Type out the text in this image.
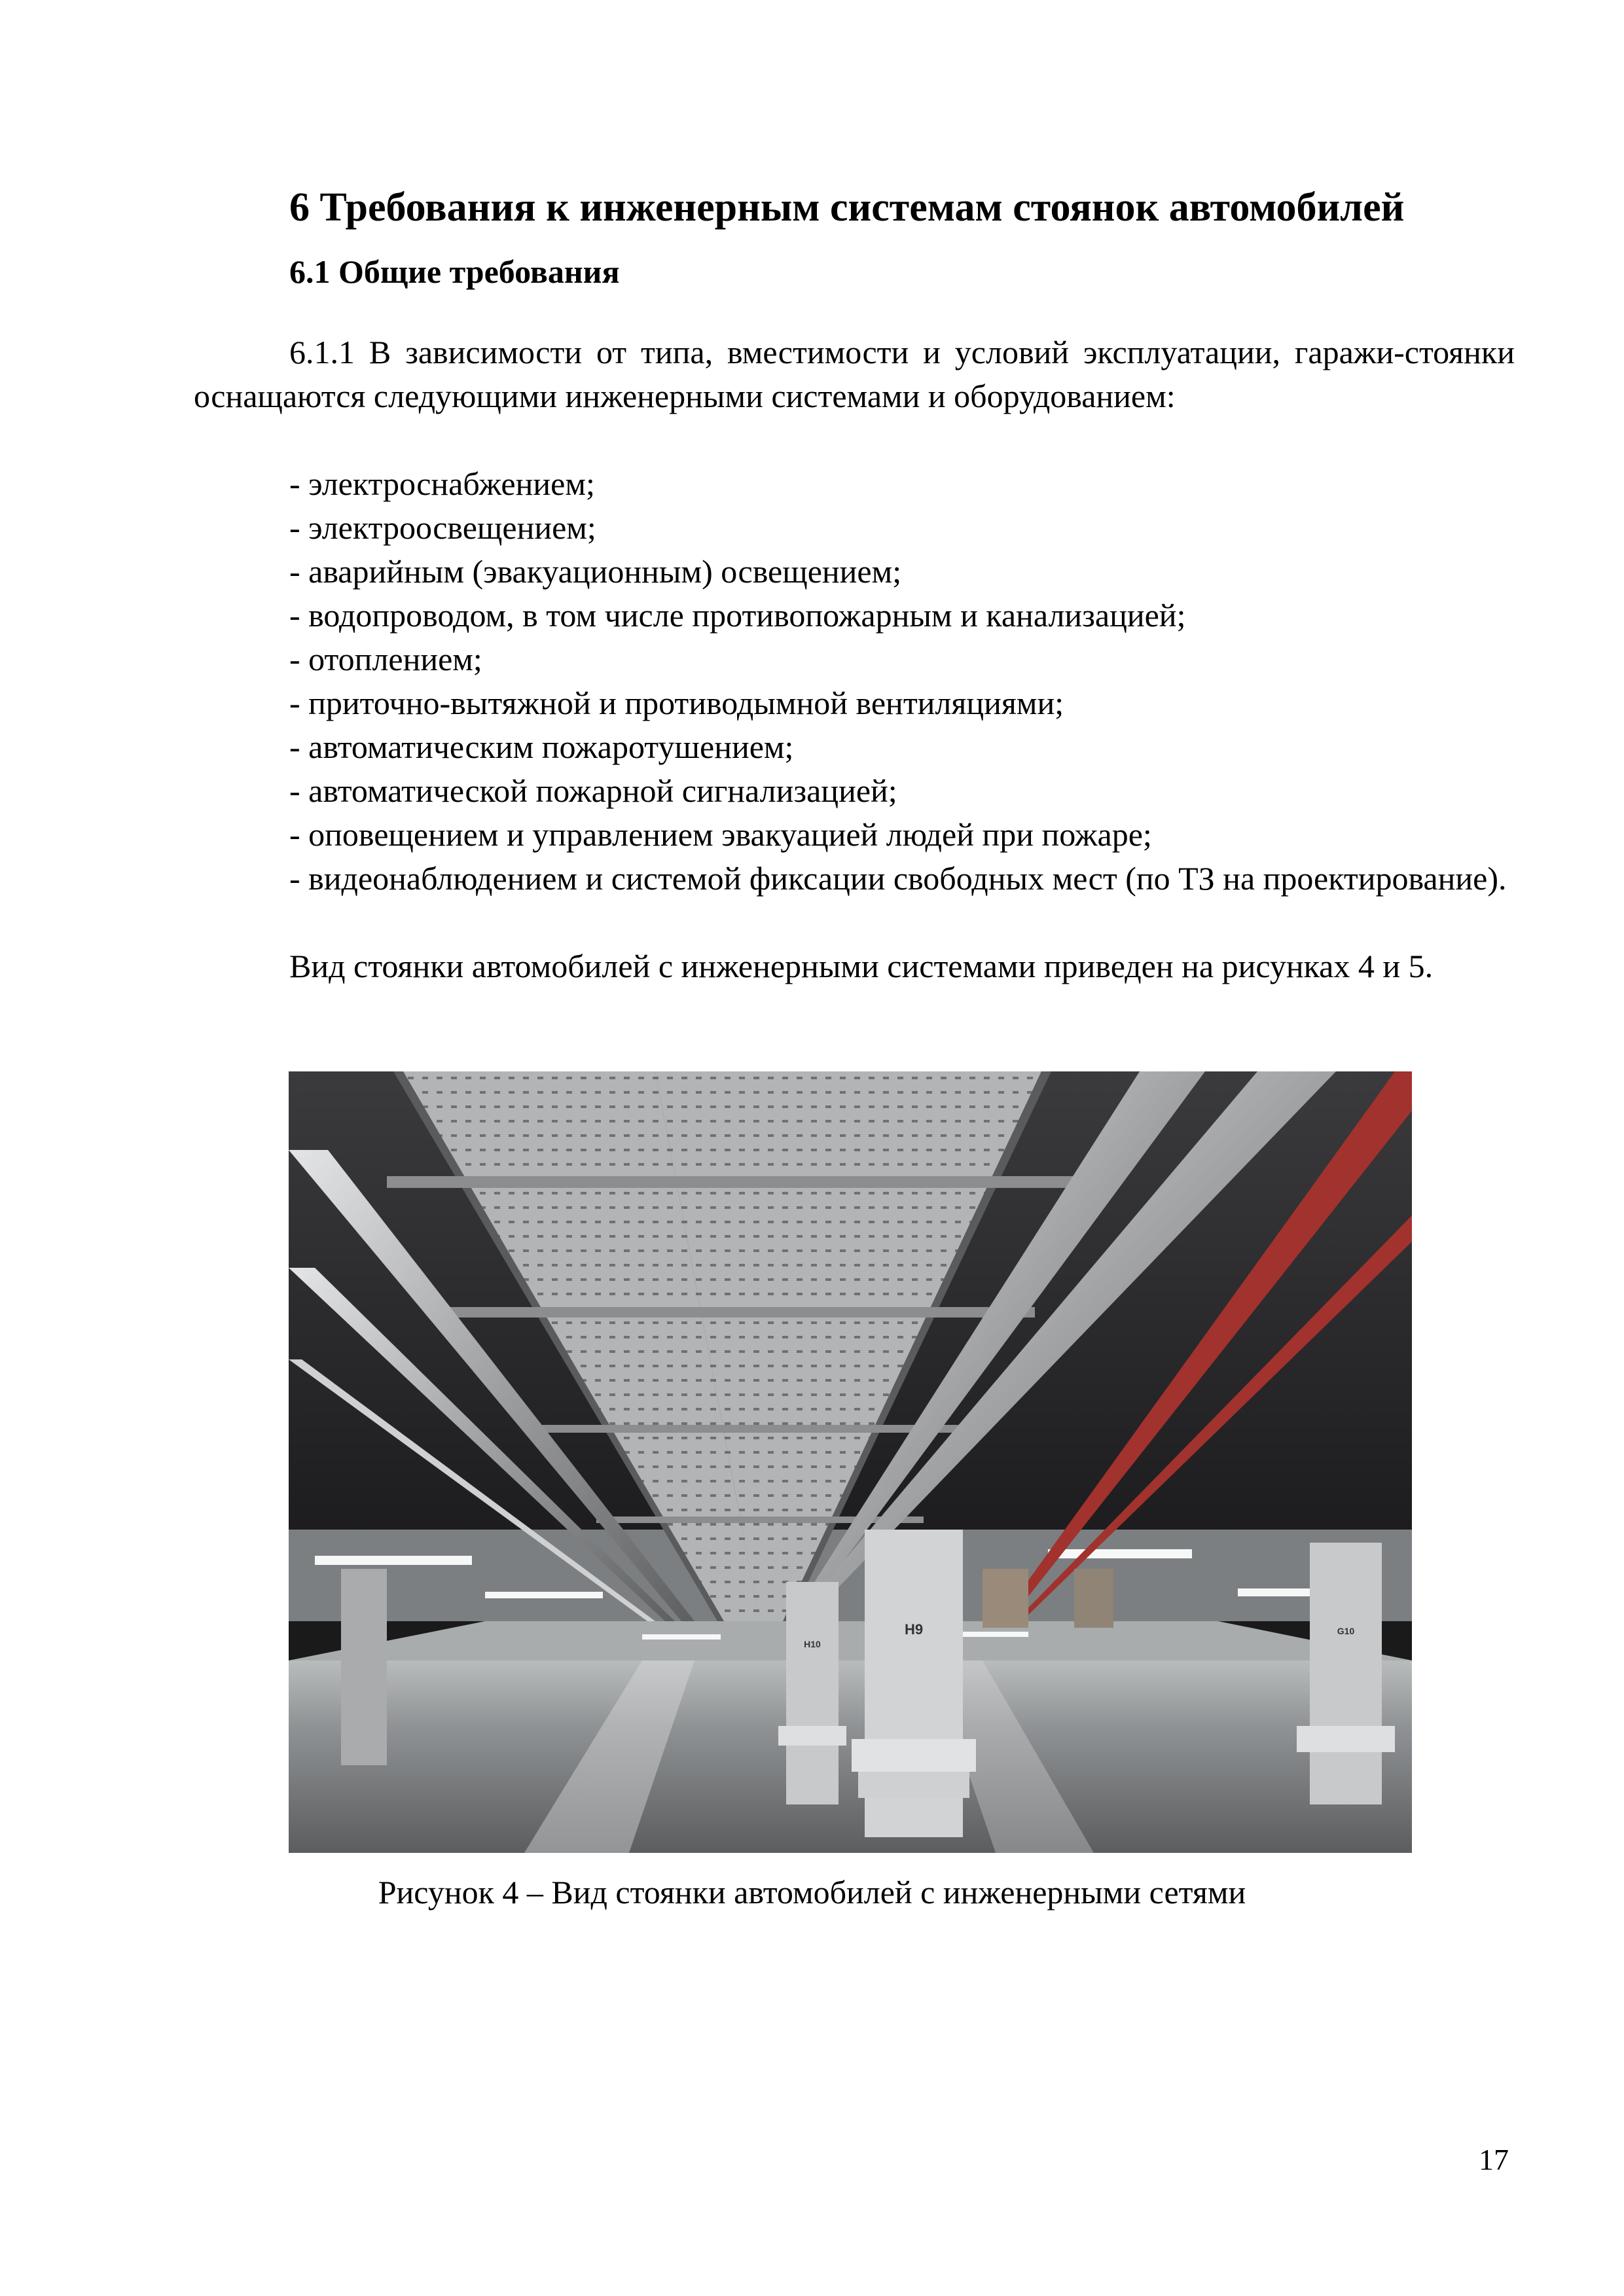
6 Требования к инженерным системам стоянок автомобилей
6.1 Общие требования

6.1.1 В зависимости от типа, вместимости и условий эксплуатации, гаражи-стоянки оснащаются следующими инженерными системами и оборудованием:

- электроснабжением;
- электроосвещением;
- аварийным (эвакуационным) освещением;
- водопроводом, в том числе противопожарным и канализацией;
- отоплением;
- приточно-вытяжной и противодымной вентиляциями;
- автоматическим пожаротушением;
- автоматической пожарной сигнализацией;
- оповещением и управлением эвакуацией людей при пожаре;

- видеонаблюдением и системой фиксации свободных мест (по ТЗ на проектирование).

Вид стоянки автомобилей с инженерными системами приведен на рисунках 4 и 5.

H9
H10
G10
Рисунок 4 – Вид стоянки автомобилей с инженерными сетями
17
